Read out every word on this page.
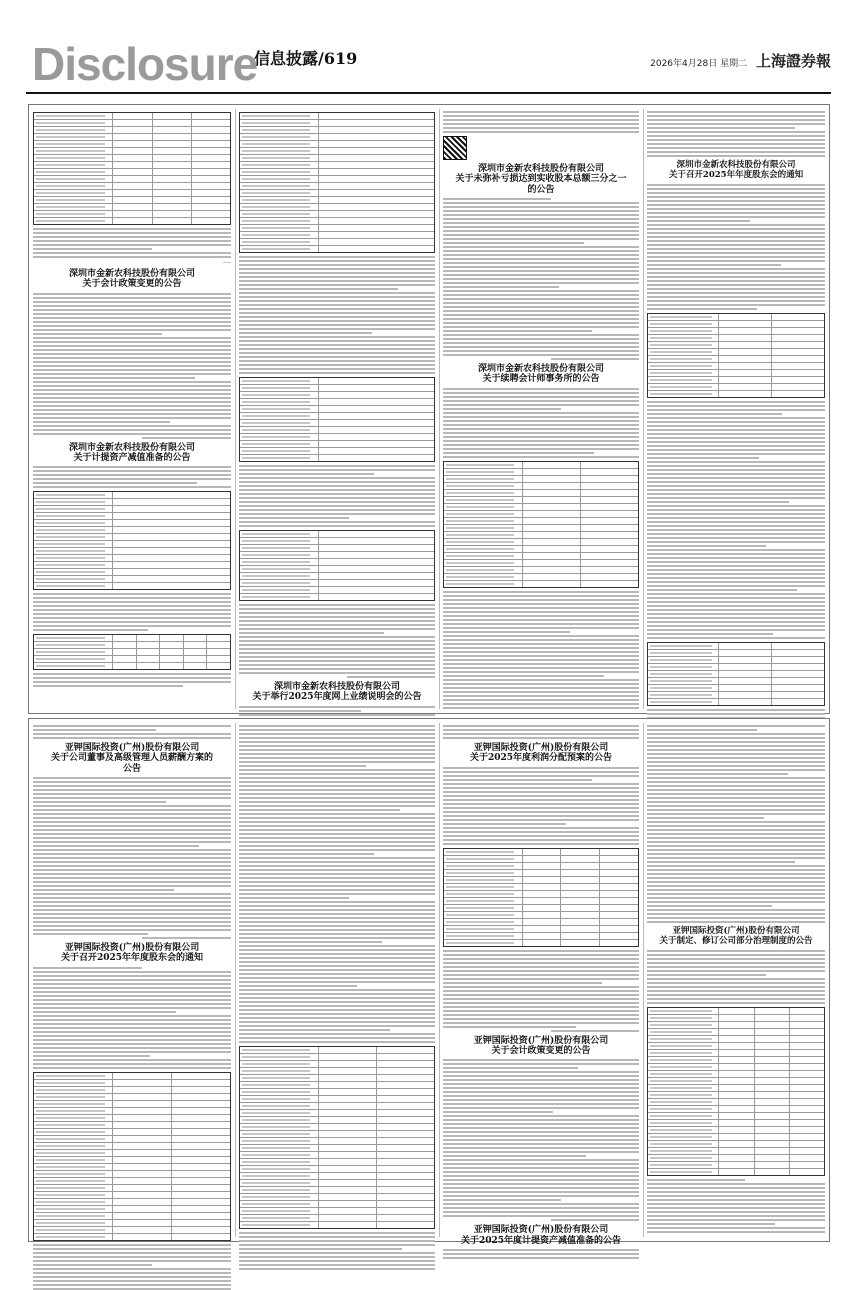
Disclosure
信息披露/619	2026年4月28日 星期二 上海證券報
——
深圳市金新农科技股份有限公司
关于会计政策变更的公告
深圳市金新农科技股份有限公司
关于计提资产减值准备的公告
深圳市金新农科技股份有限公司
关于举行2025年度网上业绩说明会的公告
深圳市金新农科技股份有限公司
关于未弥补亏损达到实收股本总额三分之一
的公告
深圳市金新农科技股份有限公司
关于续聘会计师事务所的公告
深圳市金新农科技股份有限公司
关于召开2025年年度股东会的通知
亚钾国际投资(广州)股份有限公司
关于公司董事及高级管理人员薪酬方案的
公告
亚钾国际投资(广州)股份有限公司
关于召开2025年年度股东会的通知
亚钾国际投资(广州)股份有限公司
关于2025年度利润分配预案的公告
亚钾国际投资(广州)股份有限公司
关于会计政策变更的公告
亚钾国际投资(广州)股份有限公司
关于2025年度计提资产减值准备的公告
亚钾国际投资(广州)股份有限公司
关于制定、修订公司部分治理制度的公告
